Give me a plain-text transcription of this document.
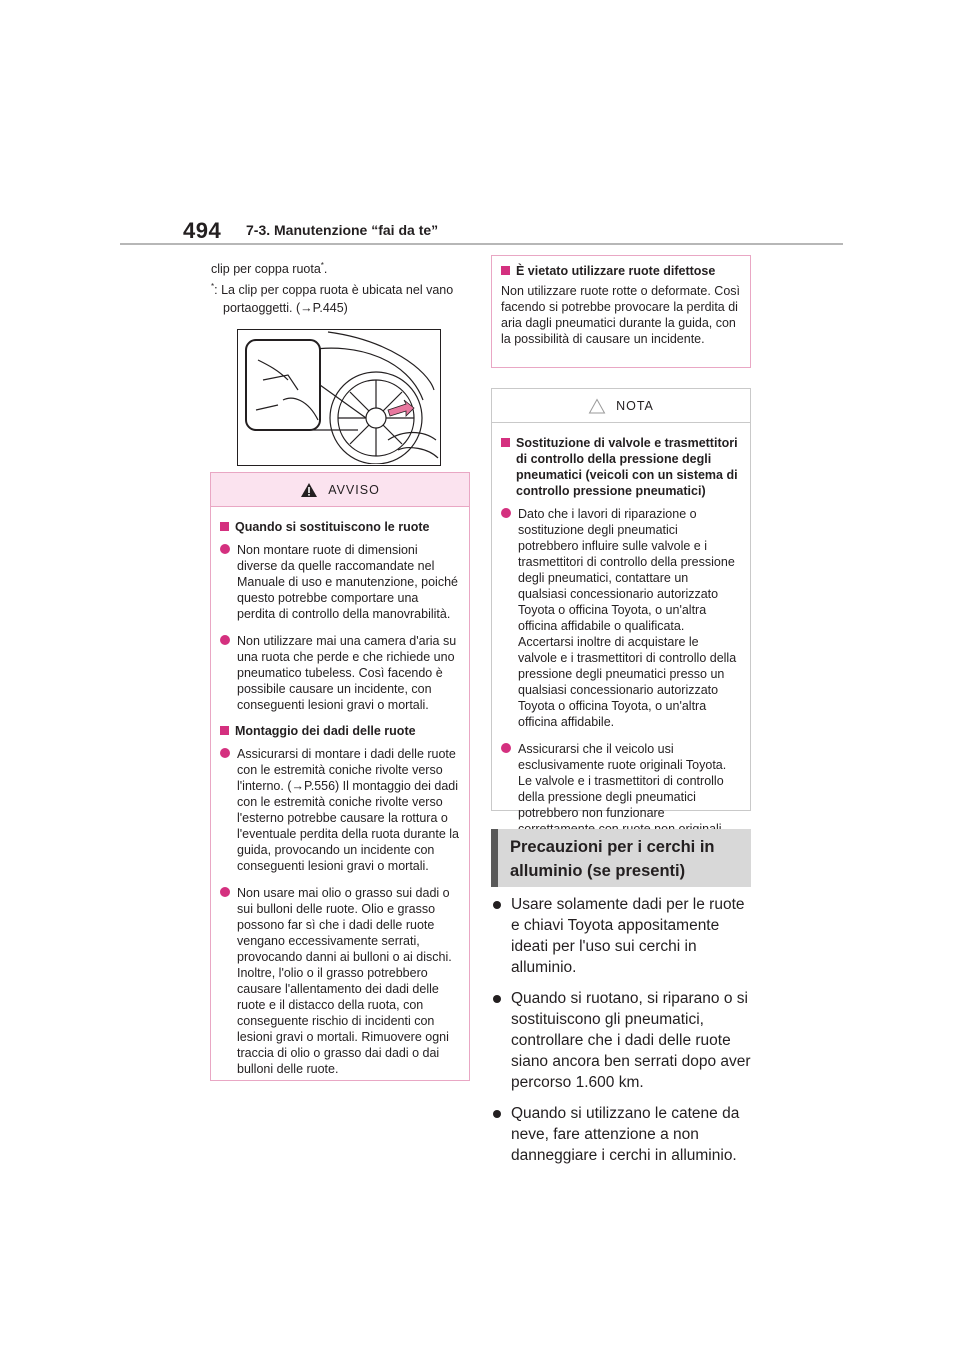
494 7-3. Manutenzione “fai da te”
clip per coppa ruota*.
*: La clip per coppa ruota è ubicata nel vano
portaoggetti. (→P.445)
AVVISO
Quando si sostituiscono le ruote
Non montare ruote di dimensioni diverse da quelle raccomandate nel Manuale di uso e manutenzione, poiché questo potrebbe comportare una perdita di controllo della manovrabilità.
Non utilizzare mai una camera d'aria su una ruota che perde e che richiede uno pneumatico tubeless. Così facendo è possibile causare un incidente, con conseguenti lesioni gravi o mortali.
Montaggio dei dadi delle ruote
Assicurarsi di montare i dadi delle ruote con le estremità coniche rivolte verso l'interno. (→P.556) Il montaggio dei dadi con le estremità coniche rivolte verso l'esterno potrebbe causare la rottura o l'eventuale perdita della ruota durante la guida, provocando un incidente con conseguenti lesioni gravi o mortali.
Non usare mai olio o grasso sui dadi o sui bulloni delle ruote. Olio e grasso possono far sì che i dadi delle ruote vengano eccessivamente serrati, provocando danni ai bulloni o ai dischi. Inoltre, l'olio o il grasso potrebbero causare l'allentamento dei dadi delle ruote e il distacco della ruota, con conseguente rischio di incidenti con lesioni gravi o mortali. Rimuovere ogni traccia di olio o grasso dai dadi o dai bulloni delle ruote.
È vietato utilizzare ruote difettose
Non utilizzare ruote rotte o deformate. Così facendo si potrebbe provocare la perdita di aria dagli pneumatici durante la guida, con la possibilità di causare un incidente.
NOTA
Sostituzione di valvole e trasmettitori di controllo della pressione degli pneumatici (veicoli con un sistema di controllo pressione pneumatici)
Dato che i lavori di riparazione o sostituzione degli pneumatici potrebbero influire sulle valvole e i trasmettitori di controllo della pressione degli pneumatici, contattare un qualsiasi concessionario autorizzato Toyota o officina Toyota, o un'altra officina affidabile o qualificata. Accertarsi inoltre di acquistare le valvole e i trasmettitori di controllo della pressione degli pneumatici presso un qualsiasi concessionario autorizzato Toyota o officina Toyota, o un'altra officina affidabile.
Assicurarsi che il veicolo usi esclusivamente ruote originali Toyota. Le valvole e i trasmettitori di controllo della pressione degli pneumatici potrebbero non funzionare
Precauzioni per i cerchi in alluminio (se presenti)
Usare solamente dadi per le ruote e chiavi Toyota appositamente ideati per l'uso sui cerchi in alluminio.
Quando si ruotano, si riparano o si sostituiscono gli pneumatici, controllare che i dadi delle ruote siano ancora ben serrati dopo aver percorso 1.600 km.
Quando si utilizzano le catene da neve, fare attenzione a non danneggiare i cerchi in alluminio.
